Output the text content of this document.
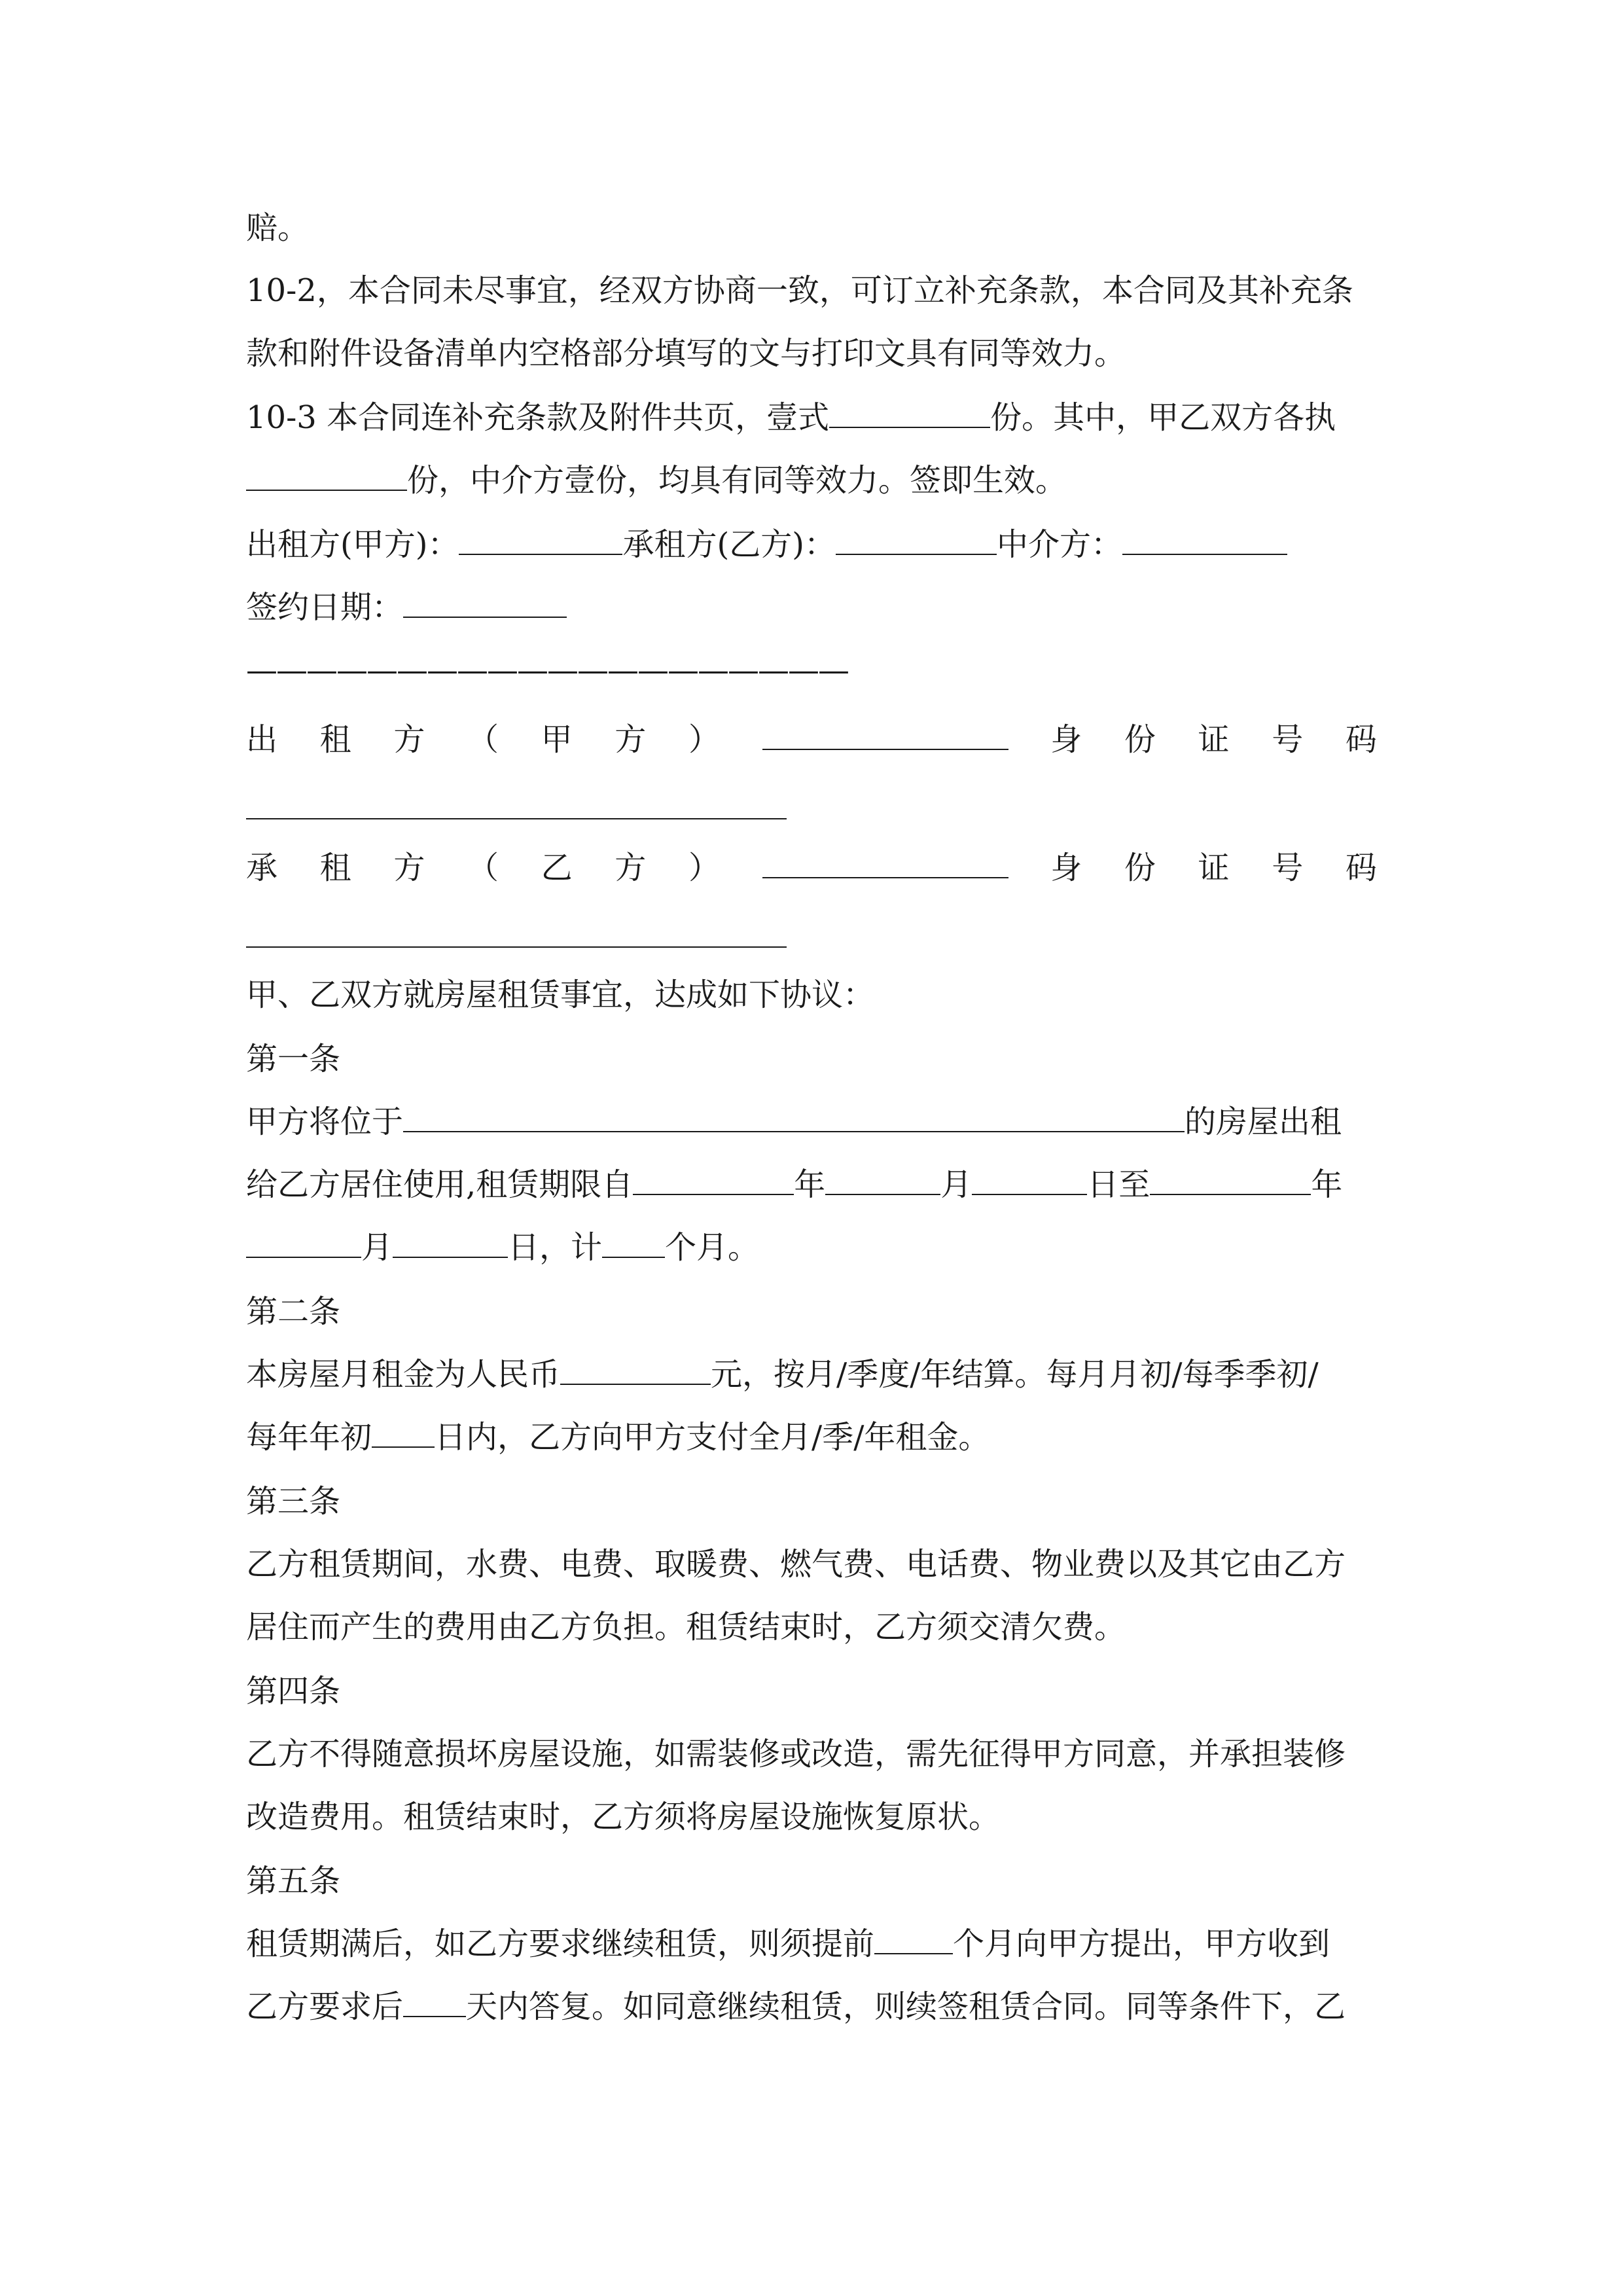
赔。
10-2，本合同未尽事宜，经双方协商一致，可订立补充条款，本合同及其补充条
款和附件设备清单内空格部分填写的文与打印文具有同等效力。
10-3 本合同连补充条款及附件共页，壹式	份。其中，甲乙双方各执
份，中介方壹份，均具有同等效力。签即生效。
出租方(甲方)：	承租方(乙方)：	中介方：
签约日期：
————————————————————
出 租 方 （ 甲 方 ）	身 份 证 号 码
承 租 方 （ 乙 方 ）	身 份 证 号 码
甲、乙双方就房屋租赁事宜，达成如下协议：
第一条
甲方将位于	的房屋出租
给乙方居住使用,租赁期限自	年	月	日至	年
月	日，计 个月。
第二条
本房屋月租金为人民币	元，按月/季度/年结算。每月月初/每季季初/
每年年初 日内，乙方向甲方支付全月/季/年租金。
第三条
乙方租赁期间，水费、电费、取暖费、燃气费、电话费、物业费以及其它由乙方
居住而产生的费用由乙方负担。租赁结束时，乙方须交清欠费。
第四条
乙方不得随意损坏房屋设施，如需装修或改造，需先征得甲方同意，并承担装修
改造费用。租赁结束时，乙方须将房屋设施恢复原状。
第五条
租赁期满后，如乙方要求继续租赁，则须提前	个月向甲方提出，甲方收到
乙方要求后 天内答复。如同意继续租赁，则续签租赁合同。同等条件下，乙
